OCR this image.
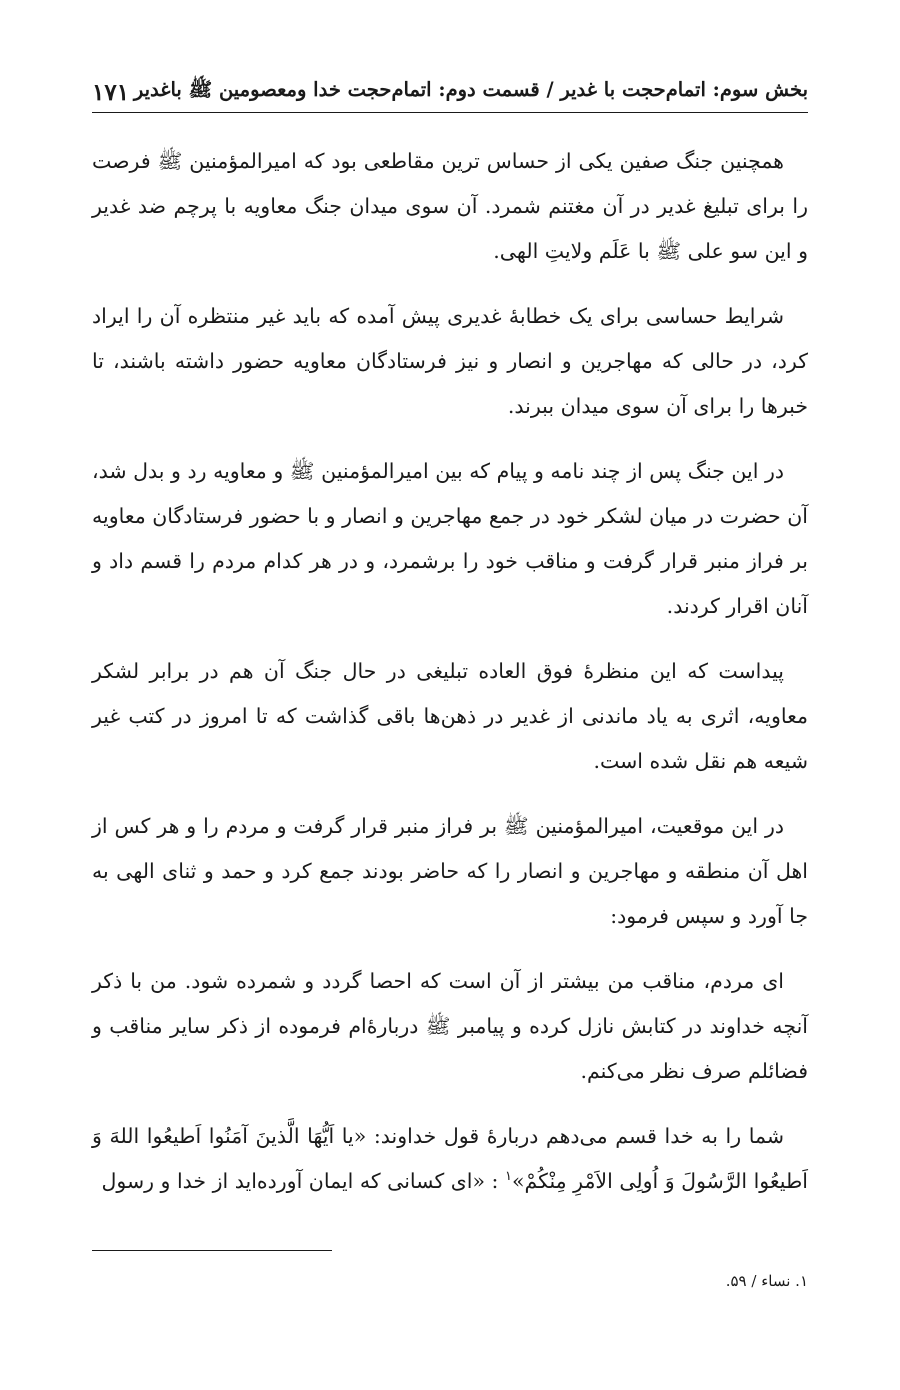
بخش سوم: اتمام‌حجت با غدیر / قسمت دوم: اتمام‌حجت خدا ومعصومین ﷺ باغدیر
۱۷۱

همچنین جنگ صفین یکی از حساس ترین مقاطعی بود که امیرالمؤمنین ﷺ فرصت را برای تبلیغ غدیر در آن مغتنم شمرد. آن سوی میدان جنگ معاویه با پرچم ضد غدیر و این سو علی ﷺ با عَلَم ولایتِ الهی.

شرایط حساسی برای یک خطابۀ غدیری پیش آمده که باید غیر منتظره آن را ایراد کرد، در حالی که مهاجرین و انصار و نیز فرستادگان معاویه حضور داشته باشند، تا خبرها را برای آن سوی میدان ببرند.

در این جنگ پس از چند نامه و پیام که بین امیرالمؤمنین ﷺ و معاویه رد و بدل شد، آن حضرت در میان لشکر خود در جمع مهاجرین و انصار و با حضور فرستادگان معاویه بر فراز منبر قرار گرفت و مناقب خود را برشمرد، و در هر کدام مردم را قسم داد و آنان اقرار کردند.

پیداست که این منظرۀ فوق العاده تبلیغی در حال جنگ آن هم در برابر لشکر معاویه، اثری به یاد ماندنی از غدیر در ذهن‌ها باقی گذاشت که تا امروز در کتب غیر شیعه هم نقل شده است.

در این موقعیت، امیرالمؤمنین ﷺ بر فراز منبر قرار گرفت و مردم را و هر کس از اهل آن منطقه و مهاجرین و انصار را که حاضر بودند جمع کرد و حمد و ثنای الهی به جا آورد و سپس فرمود:

ای مردم، مناقب من بیشتر از آن است که احصا گردد و شمرده شود. من با ذکر آنچه خداوند در کتابش نازل کرده و پیامبر ﷺ دربارۀ‌ام فرموده از ذکر سایر مناقب و فضائلم صرف نظر می‌کنم.

شما را به خدا قسم می‌دهم دربارۀ قول خداوند: «یا اَیُّهَا الَّذینَ آمَنُوا اَطیعُوا اللهَ وَ اَطیعُوا الرَّسُولَ وَ اُولِی الاَمْرِ مِنْکُمْ»$^۱$ : «ای کسانی که ایمان آورده‌اید از خدا و رسول

۱. نساء / ۵۹.
